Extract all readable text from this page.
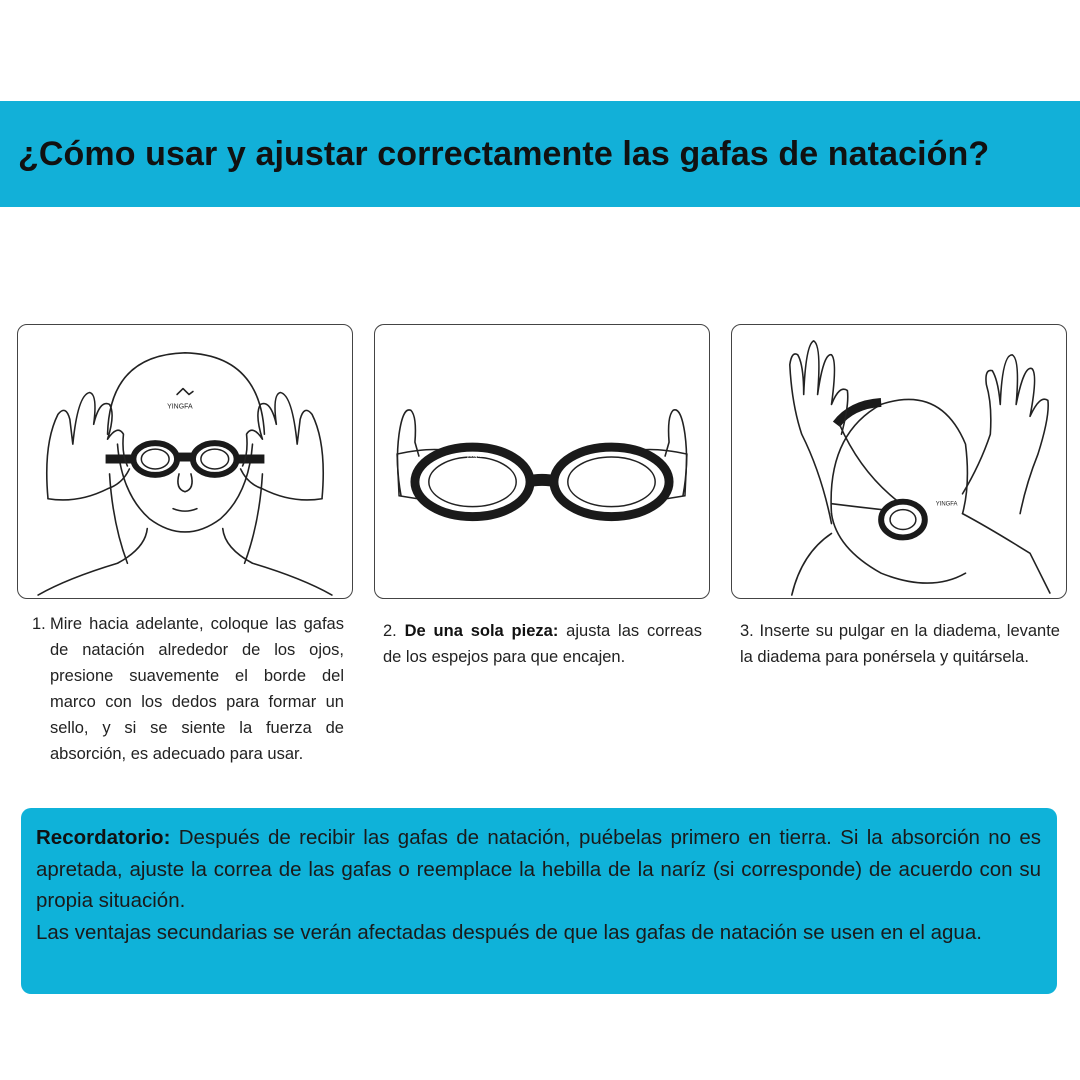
¿Cómo usar y ajustar correctamente las gafas de natación?
YINGFA
yingfa
YINGFA
1. Mire hacia adelante, coloque las gafas de natación alrededor de los ojos, presione suavemente el borde del marco con los dedos para formar un sello, y si se siente la fuerza de absorción, es adecuado para usar.
2. De una sola pieza: ajusta las correas de los espejos para que encajen.
3. Inserte su pulgar en la diadema, levante la diadema para ponérsela y quitársela.

Recordatorio: Después de recibir las gafas de natación, puébelas primero en tierra. Si la absorción no es apretada, ajuste la correa de las gafas o reemplace la hebilla de la naríz (si corresponde) de acuerdo con su propia situación.

Las ventajas secundarias se verán afectadas después de que las gafas de natación se usen en el agua.
